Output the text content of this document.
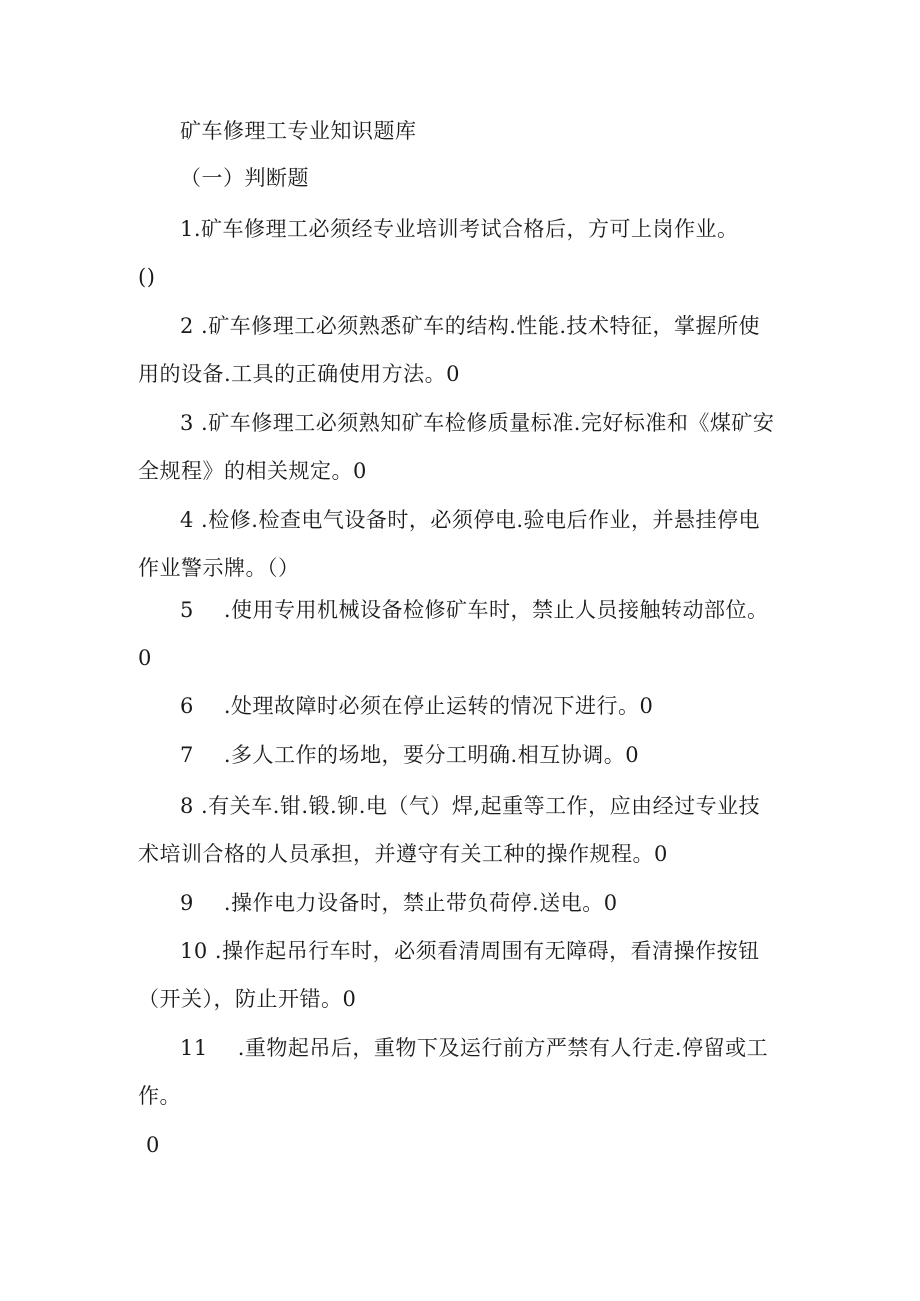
矿车修理工专业知识题库
（一）判断题
1.矿车修理工必须经专业培训考试合格后，方可上岗作业。
()
2 .矿车修理工必须熟悉矿车的结构.性能.技术特征，掌握所使
用的设备.工具的正确使用方法。0
3 .矿车修理工必须熟知矿车检修质量标准.完好标准和《煤矿安
全规程》的相关规定。0
4 .检修.检查电气设备时，必须停电.验电后作业，并悬挂停电
作业警示牌。（）
5 .使用专用机械设备检修矿车时，禁止人员接触转动部位。
0
6 .处理故障时必须在停止运转的情况下进行。0
7 .多人工作的场地，要分工明确.相互协调。0
8 .有关车.钳.锻.铆.电（气）焊,起重等工作，应由经过专业技
术培训合格的人员承担，并遵守有关工种的操作规程。0
9 .操作电力设备时，禁止带负荷停.送电。0
10 .操作起吊行车时，必须看清周围有无障碍，看清操作按钮
（开关），防止开错。0
11 .重物起吊后，重物下及运行前方严禁有人行走.停留或工
作。
0
